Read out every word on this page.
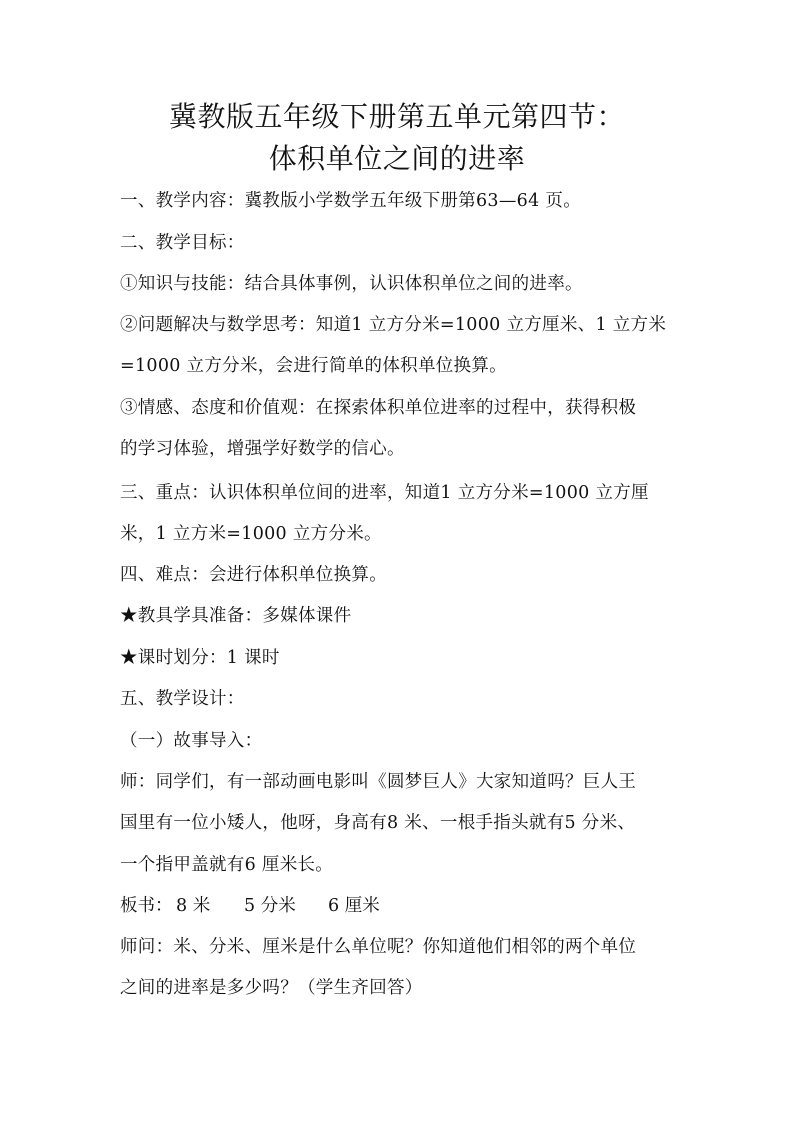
冀教版五年级下册第五单元第四节：
体积单位之间的进率
一、教学内容：冀教版小学数学五年级下册第63—64 页。
二、教学目标：
①知识与技能：结合具体事例，认识体积单位之间的进率。
②问题解决与数学思考：知道1 立方分米=1000 立方厘米、1 立方米
=1000 立方分米，会进行简单的体积单位换算。
③情感、态度和价值观：在探索体积单位进率的过程中，获得积极
的学习体验，增强学好数学的信心。
三、重点：认识体积单位间的进率，知道1 立方分米=1000 立方厘
米，1 立方米=1000 立方分米。
四、难点：会进行体积单位换算。
★教具学具准备：多媒体课件
★课时划分：1 课时
五、教学设计：
（一）故事导入：
师：同学们，有一部动画电影叫《圆梦巨人》大家知道吗？巨人王
国里有一位小矮人，他呀，身高有8 米、一根手指头就有5 分米、
一个指甲盖就有6 厘米长。
板书： 8 米 5 分米 6 厘米
师问：米、分米、厘米是什么单位呢？你知道他们相邻的两个单位
之间的进率是多少吗？（学生齐回答）
